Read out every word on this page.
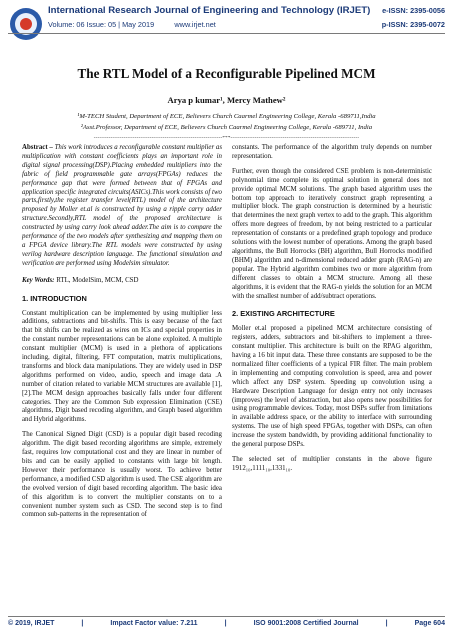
International Research Journal of Engineering and Technology (IRJET)
Volume: 06 Issue: 05 | May 2019          www.irjet.net
e-ISSN: 2395-0056
p-ISSN: 2395-0072
The RTL Model of a Reconfigurable Pipelined MCM
Arya p kumar¹, Mercy Mathew²
¹M-TECH Student, Department of ECE, Believers Church Caarmel Engineering College, Kerala -689711,India
²Asst.Professor, Department of ECE, Believers Church Caarmel Engineering College, Kerala -689711, India
---------------------------------------------------------------------***---------------------------------------------------------------------

Abstract – This work introduces a reconfigurable constant multiplier as multiplication with constant coefficients plays an important role in digital signal processing(DSP).Placing embedded multipliers into the fabric of field programmable gate arrays(FPGAs) reduces the performance gap that were formed between that of FPGAs and application specific integrated circuits(ASICs).This work consists of two parts,firstly,the register transfer level(RTL) model of the architecture proposed by Moller et.al is constructed by using a ripple carry adder structure.Secondly,RTL model of the proposed architecture is constructed by using carry look ahead adder.The aim is to compare the performance of the two models after synthesizing and mapping them on a FPGA device library.The RTL models were constructed by using verilog hardware description language. The functional simulation and verification are performed using Modelsim simulator.

Key Words: RTL, ModelSim, MCM, CSD

1. INTRODUCTION

Constant multiplication can be implemented by using multiplier less additions, subtractions and bit-shifts. This is easy because of the fact that bit shifts can be realized as wires on ICs and special properties in the constant number representations can be alone exploited. A multiple constant multiplier (MCM) is used in a plethora of applications including, digital, filtering, FFT computation, matrix multiplications, transforms and block data manipulations. They are widely used in DSP algorithms performed on video, audio, speech and image data .A number of citation related to variable MCM structures are available [1],[2].The MCM design approaches basically falls under four different categories. They are the Common Sub expression Elimination (CSE) algorithms, Digit based recoding algorithm, and Graph based algorithm and Hybrid algorithms.

The Canonical Signed Digit (CSD) is a popular digit based recoding algorithm. The digit based recording algorithms are simple, extremely fast, requires low computational cost and they are linear in number of bits and can be easily applied to constants with large bit length. However their performance is usually worst. To achieve better performance, a modified CSD algorithm is used. The CSE algorithm are the evolved version of digit based recording algorithm. The basic idea of this algorithm is to convert the multiplier constants on to a convenient number system such as CSD. The second step is to find common sub-patterns in the representation of

constants. The performance of the algorithm truly depends on number representation.

Further, even though the considered CSE problem is non-deterministic polynomial time complete its optimal solution in general does not provide optimal MCM solutions. The graph based algorithm uses the bottom top approach to iteratively construct graph representing a multiplier block. The graph construction is determined by a heuristic that determines the next graph vertex to add to the graph. This algorithm offers more degrees of freedom, by not being restricted to a particular representation of constants or a predefined graph topology and produce solutions with the lowest number of operations. Among the graph based algorithms, the Bull Horrocks (BH) algorithm, Bull Horrocks modified (BHM) algorithm and n-dimensional reduced adder graph (RAG-n) are popular. The Hybrid algorithm combines two or more algorithm from different classes to obtain a MCM structure. Among all these algorithms, it is evident that the RAG-n yields the solution for an MCM with the smallest number of add/subtract operations.

2. EXISTING ARCHITECTURE

Moller et.al proposed a pipelined MCM architecture consisting of registers, adders, subtractors and bit-shifters to implement a three-constant multiplier. This architecture is built on the RPAG algorithm, having a 16 bit input data. These three constants are supposed to be the normalized filter coefficients of a typical FIR filter. The main problem in implementing and computing convolution is speed, area and power which affect any DSP system. Speeding up convolution using a Hardware Description Language for design entry not only increases (improves) the level of abstraction, but also opens new possibilities for using programmable devices. Today, most DSPs suffer from limitations in available address space, or the ability to interface with surrounding systems. The use of high speed FPGAs, together with DSPs, can often increase the system bandwidth, by providing additional functionality to the general purpose DSPs.

The selected set of multiplier constants in the above figure 1912₁₀,1111₁₀,1331₁₀.

© 2019, IRJET	|	Impact Factor value: 7.211	|	ISO 9001:2008 Certified Journal	|	Page 604
